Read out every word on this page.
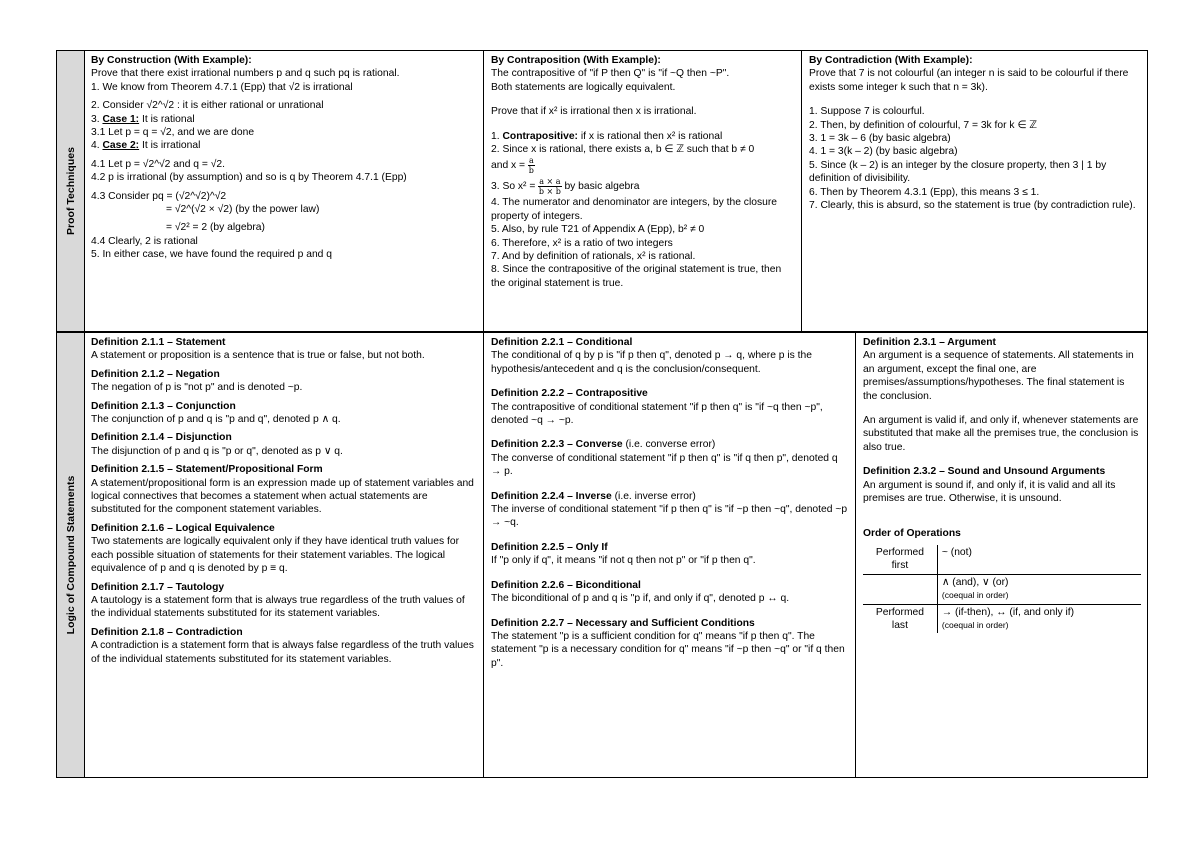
Proof Techniques

By Construction (With Example):

Prove that there exist irrational numbers p and q such pq is rational.

1. We know from Theorem 4.7.1 (Epp) that √2 is irrational

2. Consider √2^√2 : it is either rational or unrational

3. Case 1: It is rational

3.1 Let p = q = √2, and we are done

4. Case 2: It is irrational

4.1 Let p = √2^√2 and q = √2.

4.2 p is irrational (by assumption) and so is q by Theorem 4.7.1 (Epp)

4.3 Consider pq = (√2^√2)^√2

= √2^(√2 × √2) (by the power law)

= √2² = 2 (by algebra)

4.4 Clearly, 2 is rational

5. In either case, we have found the required p and q

By Contraposition (With Example):

The contrapositive of "if P then Q" is "if ~Q then ~P".

Both statements are logically equivalent.

Prove that if x² is irrational then x is irrational.

1. Contrapositive: if x is rational then x² is rational

2. Since x is rational, there exists a, b ∈ ℤ such that b ≠ 0

and $x = \frac{a}{b}$

3. So $x^2 = \frac{a \times a}{b \times b}$ by basic algebra

4. The numerator and denominator are integers, by the closure property of integers.

5. Also, by rule T21 of Appendix A (Epp), b² ≠ 0

6. Therefore, x² is a ratio of two integers

7. And by definition of rationals, x² is rational.

8. Since the contrapositive of the original statement is true, then the original statement is true.

By Contradiction (With Example):

Prove that 7 is not colourful (an integer n is said to be colourful if there exists some integer k such that n = 3k).

1. Suppose 7 is colourful.

2. Then, by definition of colourful, 7 = 3k for k ∈ ℤ

3. 1 = 3k – 6 (by basic algebra)

4. 1 = 3(k – 2) (by basic algebra)

5. Since (k – 2) is an integer by the closure property, then 3 | 1 by definition of divisibility.

6. Then by Theorem 4.3.1 (Epp), this means 3 ≤ 1.

7. Clearly, this is absurd, so the statement is true (by contradiction rule).

Logic of Compound Statements

Definition 2.1.1 – Statement

A statement or proposition is a sentence that is true or false, but not both.

Definition 2.1.2 – Negation

The negation of p is "not p" and is denoted ~p.

Definition 2.1.3 – Conjunction

The conjunction of p and q is "p and q", denoted p ∧ q.

Definition 2.1.4 – Disjunction

The disjunction of p and q is "p or q", denoted as p ∨ q.

Definition 2.1.5 – Statement/Propositional Form

A statement/propositional form is an expression made up of statement variables and logical connectives that becomes a statement when actual statements are substituted for the component statement variables.

Definition 2.1.6 – Logical Equivalence

Two statements are logically equivalent only if they have identical truth values for each possible situation of statements for their statement variables. The logical equivalence of p and q is denoted by p ≡ q.

Definition 2.1.7 – Tautology

A tautology is a statement form that is always true regardless of the truth values of the individual statements substituted for its statement variables.

Definition 2.1.8 – Contradiction

A contradiction is a statement form that is always false regardless of the truth values of the individual statements substituted for its statement variables.

Definition 2.2.1 – Conditional

The conditional of q by p is "if p then q", denoted p → q, where p is the hypothesis/antecedent and q is the conclusion/consequent.

Definition 2.2.2 – Contrapositive

The contrapositive of conditional statement "if p then q" is "if ~q then ~p", denoted ~q → ~p.

Definition 2.2.3 – Converse (i.e. converse error)

The converse of conditional statement "if p then q" is "if q then p", denoted q → p.

Definition 2.2.4 – Inverse (i.e. inverse error)

The inverse of conditional statement "if p then q" is "if ~p then ~q", denoted ~p → ~q.

Definition 2.2.5 – Only If

If "p only if q", it means "if not q then not p" or "if p then q".

Definition 2.2.6 – Biconditional

The biconditional of p and q is "p if, and only if q", denoted p ↔ q.

Definition 2.2.7 – Necessary and Sufficient Conditions

The statement "p is a sufficient condition for q" means "if p then q". The statement "p is a necessary condition for q" means "if ~p then ~q" or "if q then p".

Definition 2.3.1 – Argument

An argument is a sequence of statements. All statements in an argument, except the final one, are premises/assumptions/hypotheses. The final statement is the conclusion.

An argument is valid if, and only if, whenever statements are substituted that make all the premises true, the conclusion is also true.

Definition 2.3.2 – Sound and Unsound Arguments

An argument is sound if, and only if, it is valid and all its premises are true. Otherwise, it is unsound.

Order of Operations

Performed first	~ (not)

	∧ (and), ∨ (or)
(coequal in order)

Performed last	→ (if-then), ↔ (if, and only if)
(coequal in order)
